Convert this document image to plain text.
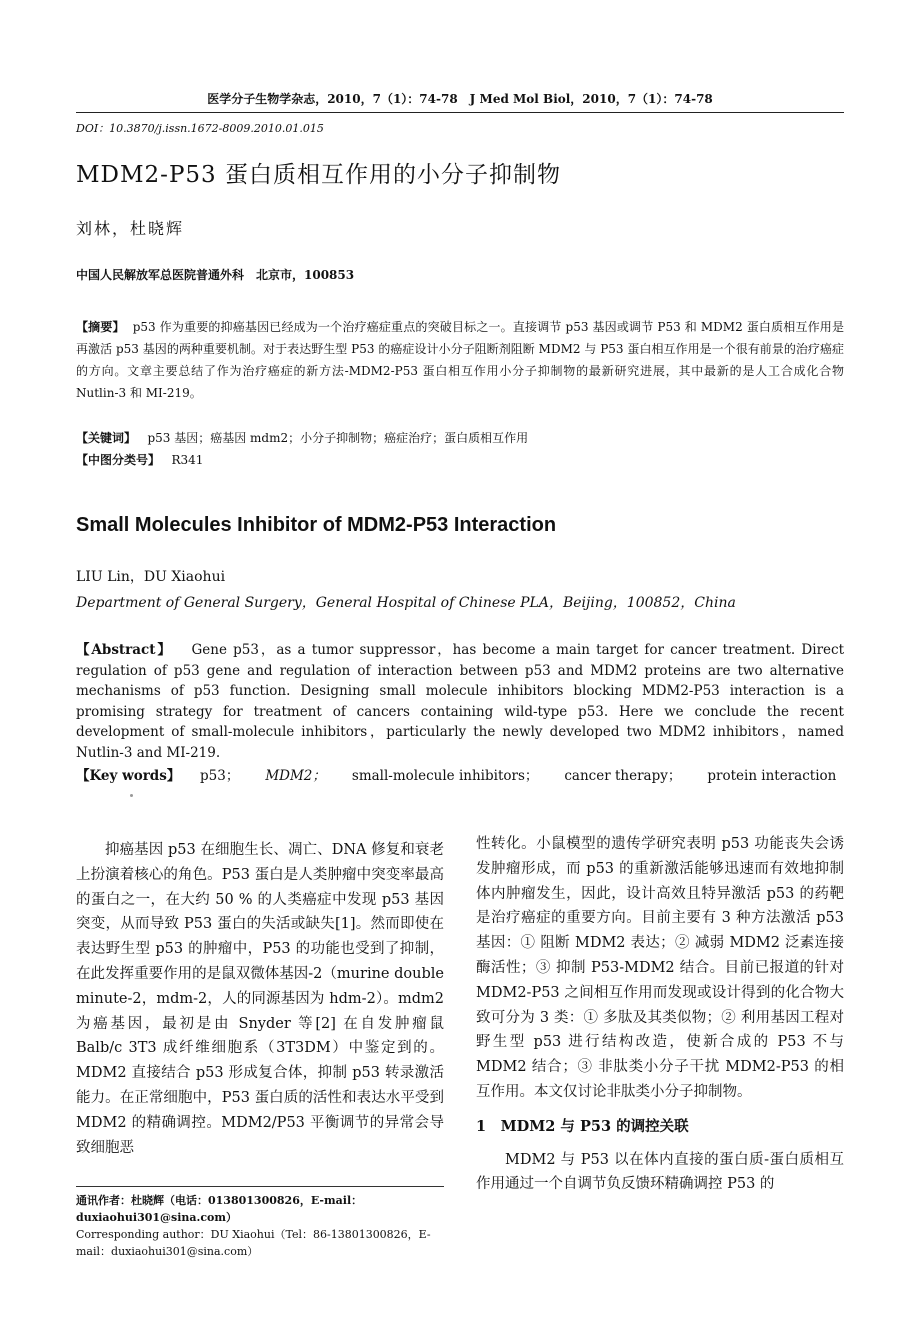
医学分子生物学杂志，2010，7（1）：74-78　J Med Mol Biol，2010，7（1）：74-78
DOI：10.3870/j.issn.1672-8009.2010.01.015
MDM2-P53 蛋白质相互作用的小分子抑制物
刘林，杜晓辉
中国人民解放军总医院普通外科　北京市，100853
【摘要】 p53 作为重要的抑癌基因已经成为一个治疗癌症重点的突破目标之一。直接调节 p53 基因或调节 P53 和 MDM2 蛋白质相互作用是再激活 p53 基因的两种重要机制。对于表达野生型 P53 的癌症设计小分子阻断剂阻断 MDM2 与 P53 蛋白相互作用是一个很有前景的治疗癌症的方向。文章主要总结了作为治疗癌症的新方法-MDM2-P53 蛋白相互作用小分子抑制物的最新研究进展，其中最新的是人工合成化合物 Nutlin-3 和 MI-219。
【关键词】 p53 基因；癌基因 mdm2；小分子抑制物；癌症治疗；蛋白质相互作用
【中图分类号】 R341
Small Molecules Inhibitor of MDM2-P53 Interaction
LIU Lin，DU Xiaohui
Department of General Surgery，General Hospital of Chinese PLA，Beijing，100852，China
【Abstract】 Gene p53，as a tumor suppressor，has become a main target for cancer treatment. Direct regulation of p53 gene and regulation of interaction between p53 and MDM2 proteins are two alternative mechanisms of p53 function. Designing small molecule inhibitors blocking MDM2-P53 interaction is a promising strategy for treatment of cancers containing wild-type p53. Here we conclude the recent development of small-molecule inhibitors，particularly the newly developed two MDM2 inhibitors，named Nutlin-3 and MI-219.
【Key words】 p53； MDM2； small-molecule inhibitors； cancer therapy； protein interaction

抑癌基因 p53 在细胞生长、凋亡、DNA 修复和衰老上扮演着核心的角色。P53 蛋白是人类肿瘤中突变率最高的蛋白之一，在大约 50 % 的人类癌症中发现 p53 基因突变，从而导致 P53 蛋白的失活或缺失[1]。然而即使在表达野生型 p53 的肿瘤中，P53 的功能也受到了抑制，在此发挥重要作用的是鼠双微体基因-2（murine double minute-2，mdm-2，人的同源基因为 hdm-2）。mdm2 为癌基因，最初是由 Snyder 等[2] 在自发肿瘤鼠 Balb/c 3T3 成纤维细胞系（3T3DM）中鉴定到的。MDM2 直接结合 p53 形成复合体，抑制 p53 转录激活能力。在正常细胞中，P53 蛋白质的活性和表达水平受到 MDM2 的精确调控。MDM2/P53 平衡调节的异常会导致细胞恶

性转化。小鼠模型的遗传学研究表明 p53 功能丧失会诱发肿瘤形成，而 p53 的重新激活能够迅速而有效地抑制体内肿瘤发生，因此，设计高效且特异激活 p53 的药靶是治疗癌症的重要方向。目前主要有 3 种方法激活 p53 基因：① 阻断 MDM2 表达；② 减弱 MDM2 泛素连接酶活性；③ 抑制 P53-MDM2 结合。目前已报道的针对 MDM2-P53 之间相互作用而发现或设计得到的化合物大致可分为 3 类：① 多肽及其类似物；② 利用基因工程对野生型 p53 进行结构改造，使新合成的 P53 不与 MDM2 结合；③ 非肽类小分子干扰 MDM2-P53 的相互作用。本文仅讨论非肽类小分子抑制物。

1　MDM2 与 P53 的调控关联

MDM2 与 P53 以在体内直接的蛋白质-蛋白质相互作用通过一个自调节负反馈环精确调控 P53 的

通讯作者：杜晓辉（电话：013801300826，E-mail：duxiaohui301@sina.com）
Corresponding author：DU Xiaohui（Tel：86-13801300826，E-mail：duxiaohui301@sina.com）
